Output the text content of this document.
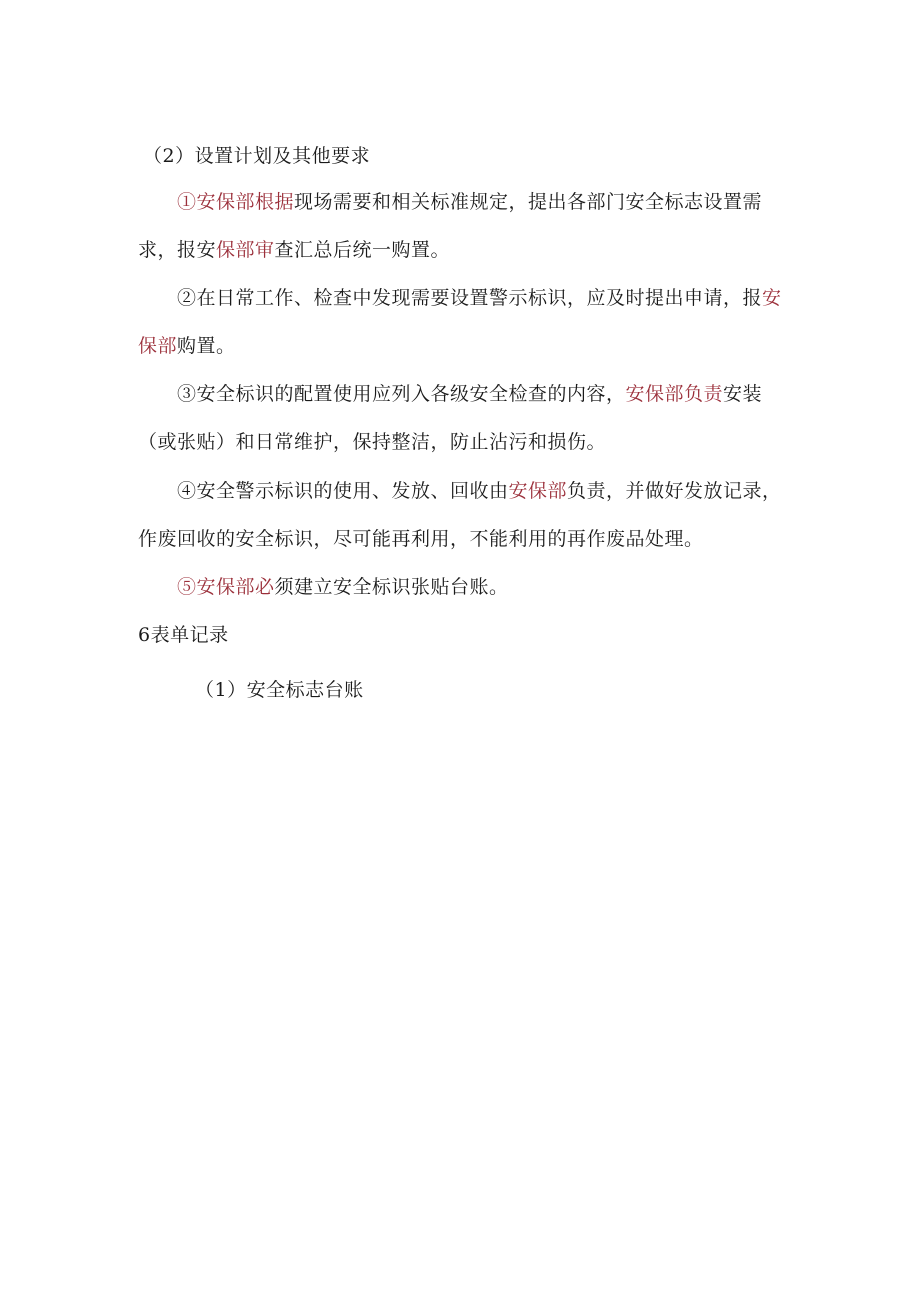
（2）设置计划及其他要求
①安保部根据现场需要和相关标准规定，提出各部门安全标志设置需
求，报安保部审查汇总后统一购置。
②在日常工作、检查中发现需要设置警示标识，应及时提出申请，报安
保部购置。
③安全标识的配置使用应列入各级安全检查的内容，安保部负责安装
（或张贴）和日常维护，保持整洁，防止沾污和损伤。
④安全警示标识的使用、发放、回收由安保部负责，并做好发放记录，
作废回收的安全标识，尽可能再利用，不能利用的再作废品处理。
⑤安保部必须建立安全标识张贴台账。
6表单记录
（1）安全标志台账
